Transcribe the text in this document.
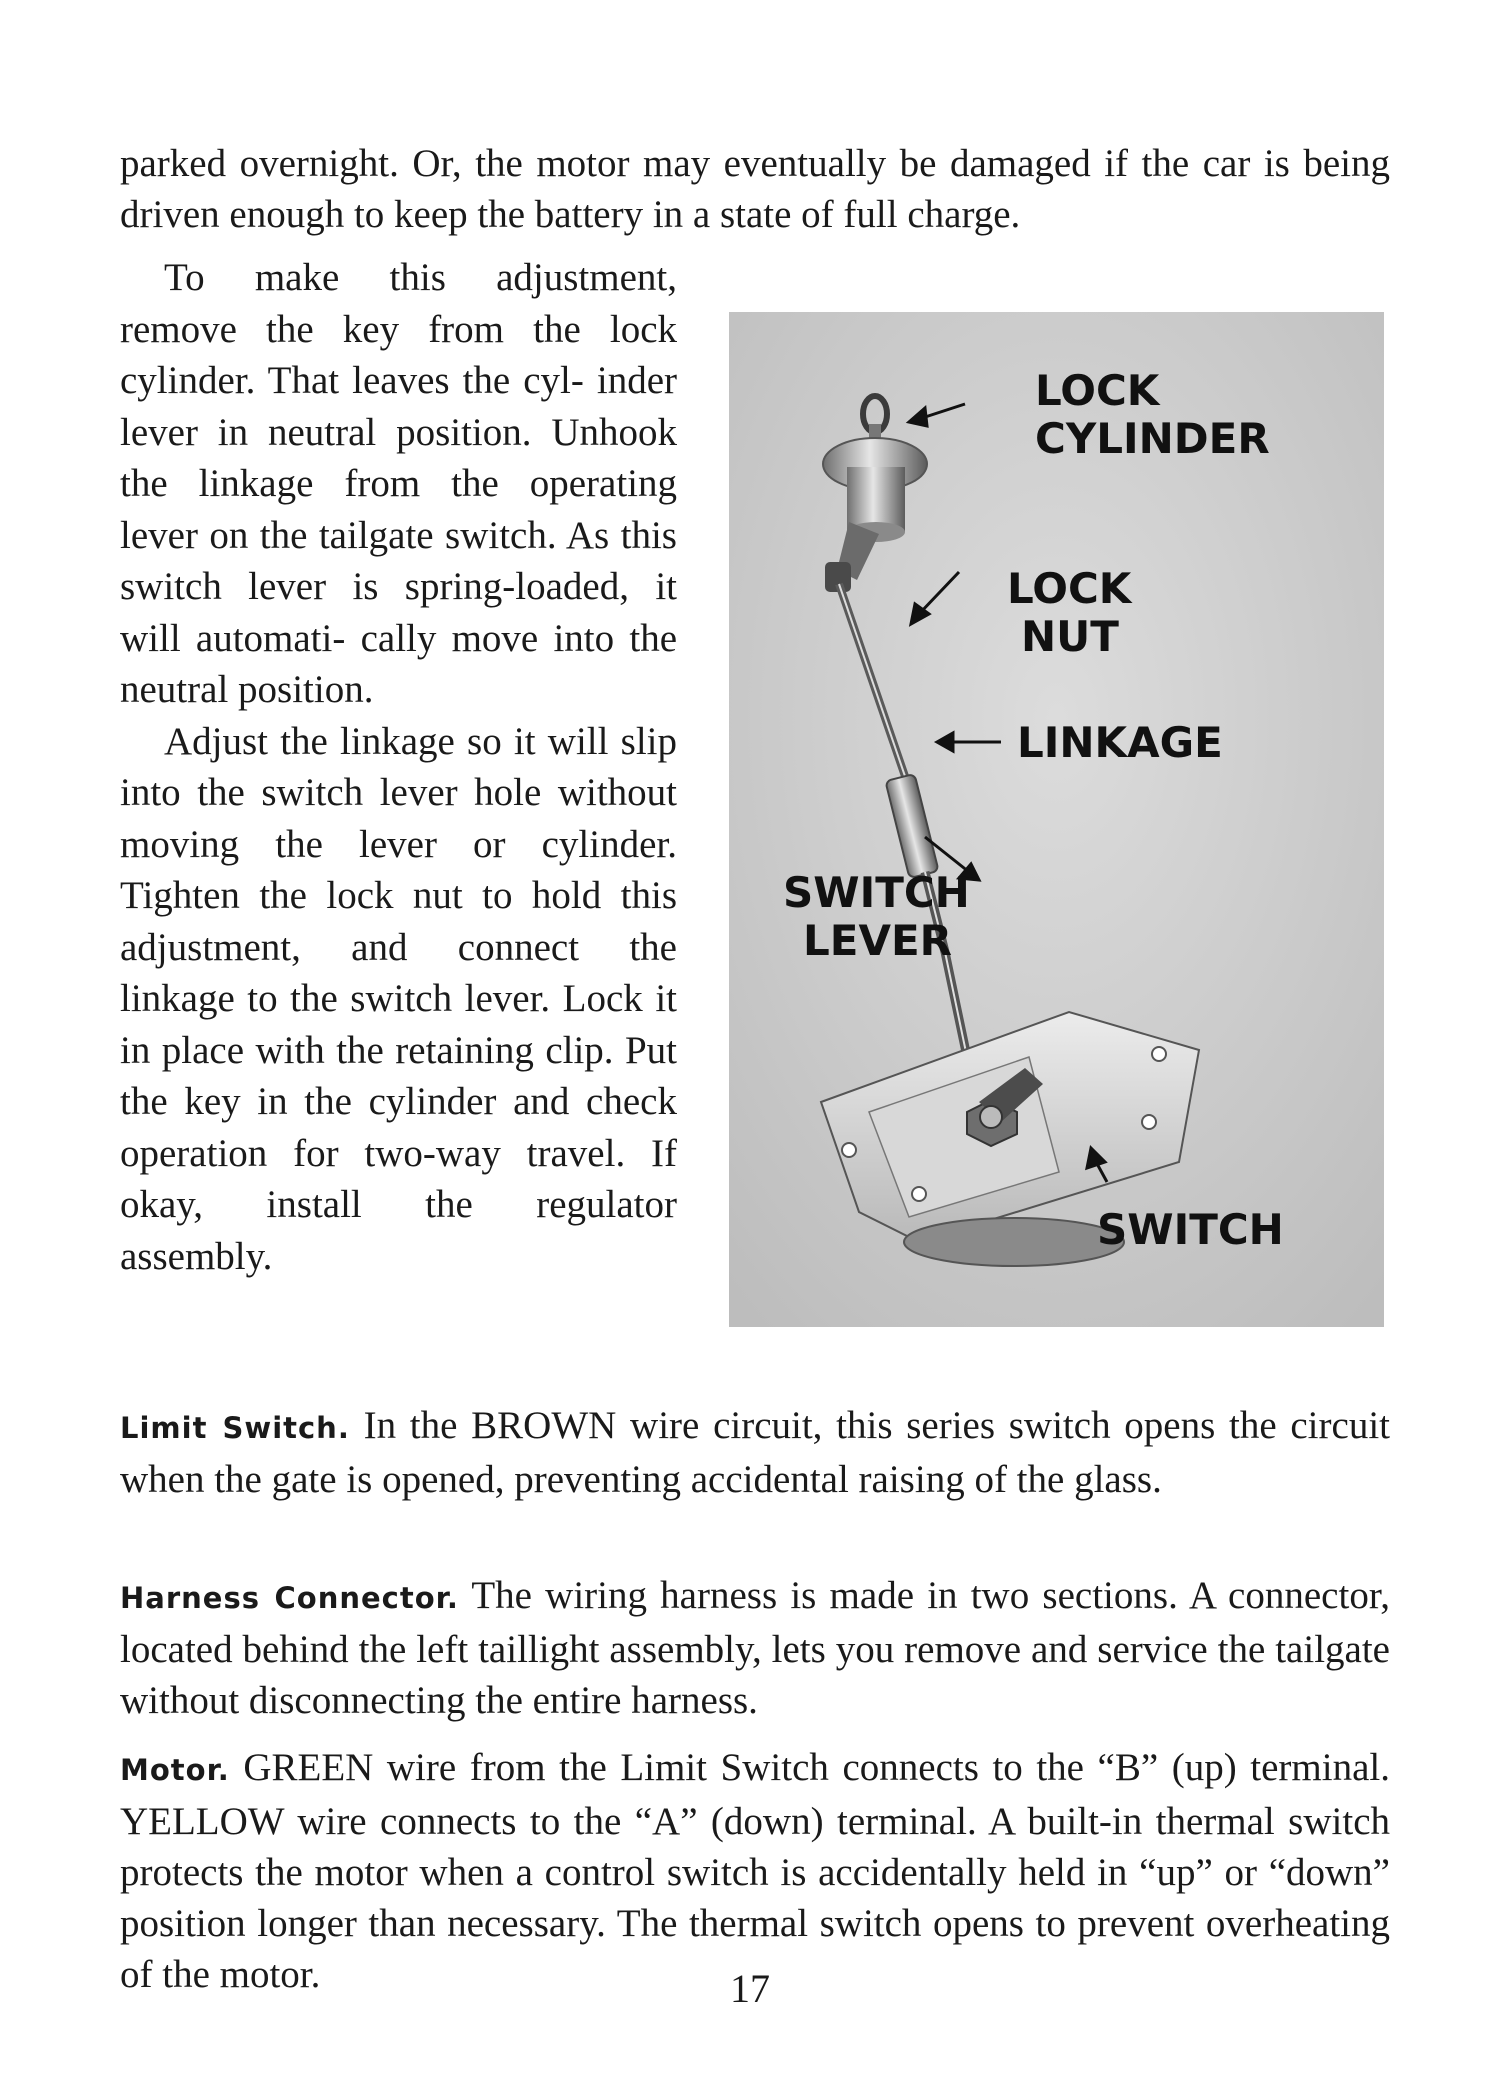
parked overnight. Or, the motor may eventually be damaged if the car is being driven enough to keep the battery in a state of full charge.

To make this adjustment, remove the key from the lock cylinder. That leaves the cyl- inder lever in neutral position. Unhook the linkage from the operating lever on the tailgate switch. As this switch lever is spring-loaded, it will automati- cally move into the neutral position.

Adjust the linkage so it will slip into the switch lever hole without moving the lever or cylinder. Tighten the lock nut to hold this adjustment, and connect the linkage to the switch lever. Lock it in place with the retaining clip. Put the key in the cylinder and check operation for two-way travel. If okay, install the regulator assembly.

LOCK
CYLINDER
LOCK
NUT
LINKAGE
SWITCH
LEVER
SWITCH

Limit Switch. In the BROWN wire circuit, this series switch opens the circuit when the gate is opened, preventing accidental raising of the glass.

Harness Connector. The wiring harness is made in two sections. A connector, located behind the left taillight assembly, lets you remove and service the tailgate without disconnecting the entire harness.

Motor. GREEN wire from the Limit Switch connects to the “B” (up) terminal. YELLOW wire connects to the “A” (down) terminal. A built-in thermal switch protects the motor when a control switch is accidentally held in “up” or “down” position longer than necessary. The thermal switch opens to prevent overheating of the motor.	17
